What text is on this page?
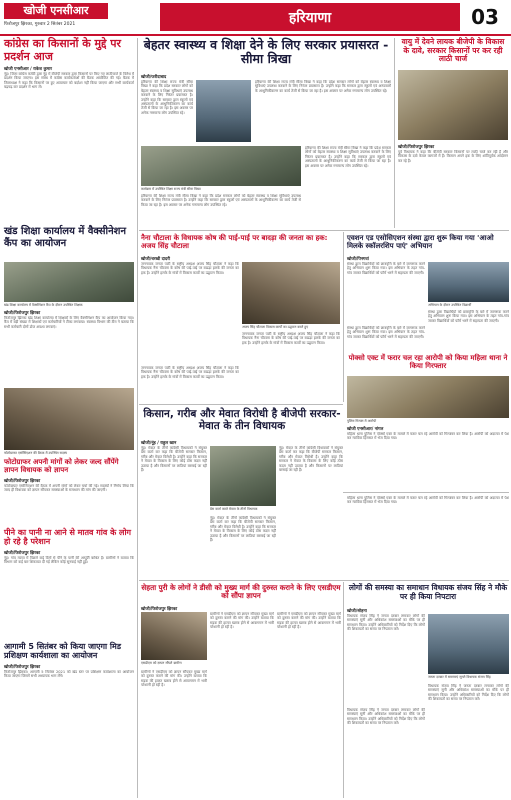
खोजी एनसीआर
फिरोजपुर झिरका, गुरुवार 2 सितंबर 2021	हरियाणा	03
कांग्रेस का किसानों के मुद्दे पर प्रदर्शन आज
खोजी एनसीआर / राकेश कुमार
नूंह। जिला कांग्रेस कमेटी द्वारा नूंह में बीजेपी सरकार द्वारा किसानों पर किए गए लाठीचार्ज के विरोध में प्रदर्शन किया जाएगा। इस संबंध में कांग्रेस कार्यकर्ताओं की बैठक आयोजित की गई। बैठक में जिलाध्यक्ष ने कहा कि किसानों पर हुए अत्याचार को बर्दाश्त नहीं किया जाएगा और सभी कार्यकर्ता बढ़चढ़ कर प्रदर्शन में भाग लें।
खंड शिक्षा कार्यालय में वैक्सीनेशन कैंप का आयोजन
खंड शिक्षा कार्यालय में वैक्सीनेशन कैंप के दौरान उपस्थित शिक्षक
खोजी/फिरोजपुर झिरका
फिरोजपुर झिरका खंड शिक्षा कार्यालय में शिक्षकों के लिए वैक्सीनेशन कैंप का आयोजन किया गया। कैंप में बड़ी संख्या में शिक्षकों एवं कर्मचारियों ने टीका लगवाया। स्वास्थ्य विभाग की टीम ने बताया कि सभी कर्मचारी दोनों डोज अवश्य लगवाएं।
फोटोग्राफर एसोसिएशन की बैठक में उपस्थित सदस्य
फोटोग्राफर अपनी मांगों को लेकर जल्द सौंपेंगे ज्ञापन विधायक को ज्ञापन
खोजी/फिरोजपुर झिरका
फोटोग्राफर एसोसिएशन की बैठक में अपनी मांगों को लेकर चर्चा की गई। सदस्यों ने निर्णय लिया कि जल्द ही विधायक को ज्ञापन सौंपकर समस्याओं के समाधान की मांग की जाएगी।
पीने का पानी ना आने से मातव गांव के लोग हो रहे है परेशान
खोजी/फिरोजपुर झिरका
नूंह। गांव मातव में पिछले कई दिनों से पीने के पानी की आपूर्ति बाधित है। ग्रामीणों ने बताया कि विभाग को कई बार शिकायत दी गई लेकिन कोई सुनवाई नहीं हुई।
आगामी 5 सितंबर को किया जाएगा मिड प्रशिक्षण कार्यशाला का आयोजन
खोजी/फिरोजपुर झिरका
फिरोजपुर झिरका। आगामी 5 सितंबर 2021 को खंड स्तर पर प्रशिक्षण कार्यशाला का आयोजन किया जाएगा जिसमें सभी अध्यापक भाग लेंगे।
बेहतर स्वास्थ्य व शिक्षा देने के लिए सरकार प्रयासरत - सीमा त्रिखा
खोजी/फरीदाबाद
हरियाणा की शिक्षा राज्य मंत्री सीमा त्रिखा ने कहा कि प्रदेश सरकार लोगों को बेहतर स्वास्थ्य व शिक्षा सुविधाएं उपलब्ध करवाने के लिए निरंतर प्रयासरत है। उन्होंने कहा कि सरकार द्वारा स्कूलों एवं अस्पतालों के आधुनिकीकरण का कार्य तेजी से किया जा रहा है। इस अवसर पर अनेक गणमान्य लोग उपस्थित रहे।
हरियाणा की शिक्षा राज्य मंत्री सीमा त्रिखा ने कहा कि प्रदेश सरकार लोगों को बेहतर स्वास्थ्य व शिक्षा सुविधाएं उपलब्ध करवाने के लिए निरंतर प्रयासरत है। उन्होंने कहा कि सरकार द्वारा स्कूलों एवं अस्पतालों के आधुनिकीकरण का कार्य तेजी से किया जा रहा है। इस अवसर पर अनेक गणमान्य लोग उपस्थित रहे।
कार्यक्रम में उपस्थित शिक्षा राज्य मंत्री सीमा त्रिखा
हरियाणा की शिक्षा राज्य मंत्री सीमा त्रिखा ने कहा कि प्रदेश सरकार लोगों को बेहतर स्वास्थ्य व शिक्षा सुविधाएं उपलब्ध करवाने के लिए निरंतर प्रयासरत है। उन्होंने कहा कि सरकार द्वारा स्कूलों एवं अस्पतालों के आधुनिकीकरण का कार्य तेजी से किया जा रहा है। इस अवसर पर अनेक गणमान्य लोग उपस्थित रहे।
हरियाणा की शिक्षा राज्य मंत्री सीमा त्रिखा ने कहा कि प्रदेश सरकार लोगों को बेहतर स्वास्थ्य व शिक्षा सुविधाएं उपलब्ध करवाने के लिए निरंतर प्रयासरत है। उन्होंने कहा कि सरकार द्वारा स्कूलों एवं अस्पतालों के आधुनिकीकरण का कार्य तेजी से किया जा रहा है। इस अवसर पर अनेक गणमान्य लोग उपस्थित रहे।
वायु में देवने लायक बीजेपी के विकास के दावे, सरकार किसानों पर कर रही लाठी चार्ज
खोजी/फिरोजपुर झिरका
पूर्व विधायक ने कहा कि बीजेपी सरकार किसानों पर लाठी चार्ज कर रही है और विकास के दावे केवल कागजों में हैं। किसान अपने हक के लिए शांतिपूर्वक आंदोलन कर रहे हैं।
नैना चौटाला के विधायक कोष की पाई-पाई पर बादड़ा की जनता का हक: अजय सिंह चौटाला
खोजी/चरखी दादरी
जननायक जनता पार्टी के राष्ट्रीय अध्यक्ष अजय सिंह चौटाला ने कहा कि विधायक नैना चौटाला के कोष की पाई-पाई पर बाढड़ा हलके की जनता का हक है। उन्होंने हलके के गांवों में विकास कार्यों का उद्घाटन किया।
अजय सिंह चौटाला विकास कार्यों का उद्घाटन करते हुए
जननायक जनता पार्टी के राष्ट्रीय अध्यक्ष अजय सिंह चौटाला ने कहा कि विधायक नैना चौटाला के कोष की पाई-पाई पर बाढड़ा हलके की जनता का हक है। उन्होंने हलके के गांवों में विकास कार्यों का उद्घाटन किया।
जननायक जनता पार्टी के राष्ट्रीय अध्यक्ष अजय सिंह चौटाला ने कहा कि विधायक नैना चौटाला के कोष की पाई-पाई पर बाढड़ा हलके की जनता का हक है। उन्होंने हलके के गांवों में विकास कार्यों का उद्घाटन किया।
एवशन एड एसोसिएशन संस्था द्वारा शुरू किया गया 'आओ मिलके स्कॉलरशिप पाएं' अभियान
खोजी/पिनगवां
संस्था द्वारा विद्यार्थियों को छात्रवृत्ति के बारे में जागरूक करने हेतु अभियान शुरू किया गया। इस अभियान के तहत गांव-गांव जाकर विद्यार्थियों को फॉर्म भरने में सहायता की जाएगी।
अभियान के दौरान उपस्थित विद्यार्थी
संस्था द्वारा विद्यार्थियों को छात्रवृत्ति के बारे में जागरूक करने हेतु अभियान शुरू किया गया। इस अभियान के तहत गांव-गांव जाकर विद्यार्थियों को फॉर्म भरने में सहायता की जाएगी।
संस्था द्वारा विद्यार्थियों को छात्रवृत्ति के बारे में जागरूक करने हेतु अभियान शुरू किया गया। इस अभियान के तहत गांव-गांव जाकर विद्यार्थियों को फॉर्म भरने में सहायता की जाएगी।
पोक्सो एक्ट में फरार चल रहा आरोपी को किया महिला थाना ने किया गिरफ्तार
पुलिस गिरफ्त में आरोपी
खोजी एनसीआर/ नांगल
महिला थाना पुलिस ने पोक्सो एक्ट के मामले में फरार चल रहे आरोपी को गिरफ्तार कर लिया है। आरोपी को अदालत में पेश कर न्यायिक हिरासत में भेज दिया गया।
किसान, गरीब और मेवात विरोधी है बीजेपी सरकार-मेवात के तीन विधायक
खोजी/नूंह / राहुल खान
नूंह। मेवात के तीनों कांग्रेसी विधायकों ने संयुक्त प्रेस वार्ता कर कहा कि बीजेपी सरकार किसान, गरीब और मेवात विरोधी है। उन्होंने कहा कि सरकार ने मेवात के विकास के लिए कोई ठोस कदम नहीं उठाया है और किसानों पर लाठियां बरसाई जा रही हैं।
प्रेस वार्ता करते मेवात के तीनों विधायक
नूंह। मेवात के तीनों कांग्रेसी विधायकों ने संयुक्त प्रेस वार्ता कर कहा कि बीजेपी सरकार किसान, गरीब और मेवात विरोधी है। उन्होंने कहा कि सरकार ने मेवात के विकास के लिए कोई ठोस कदम नहीं उठाया है और किसानों पर लाठियां बरसाई जा रही हैं।
नूंह। मेवात के तीनों कांग्रेसी विधायकों ने संयुक्त प्रेस वार्ता कर कहा कि बीजेपी सरकार किसान, गरीब और मेवात विरोधी है। उन्होंने कहा कि सरकार ने मेवात के विकास के लिए कोई ठोस कदम नहीं उठाया है और किसानों पर लाठियां बरसाई जा रही हैं।
सेहता पुरी के लोगों ने डीसी को मुख्य मार्ग की दुरुस्त कराने के लिए एसडीएम को सौंपा ज्ञापन
खोजी/फिरोजपुर झिरका
एसडीएम को ज्ञापन सौंपते ग्रामीण
ग्रामीणों ने एसडीएम को ज्ञापन सौंपकर मुख्य मार्ग को दुरुस्त कराने की मांग की। उन्होंने बताया कि सड़क की हालत खराब होने से आवागमन में भारी परेशानी हो रही है।
ग्रामीणों ने एसडीएम को ज्ञापन सौंपकर मुख्य मार्ग को दुरुस्त कराने की मांग की। उन्होंने बताया कि सड़क की हालत खराब होने से आवागमन में भारी परेशानी हो रही है।
ग्रामीणों ने एसडीएम को ज्ञापन सौंपकर मुख्य मार्ग को दुरुस्त कराने की मांग की। उन्होंने बताया कि सड़क की हालत खराब होने से आवागमन में भारी परेशानी हो रही है।
लोगों की समस्या का समाधान विधायक संजय सिंह ने मौके पर ही किया निपटारा
खोजी/सोहना
विधायक संजय सिंह ने जनता दरबार लगाकर लोगों की समस्याएं सुनी और अधिकांश समस्याओं का मौके पर ही समाधान किया। उन्होंने अधिकारियों को निर्देश दिए कि लोगों की शिकायतों का समय पर निपटारा करें।
जनता दरबार में समस्याएं सुनते विधायक संजय सिंह
विधायक संजय सिंह ने जनता दरबार लगाकर लोगों की समस्याएं सुनी और अधिकांश समस्याओं का मौके पर ही समाधान किया। उन्होंने अधिकारियों को निर्देश दिए कि लोगों की शिकायतों का समय पर निपटारा करें।
विधायक संजय सिंह ने जनता दरबार लगाकर लोगों की समस्याएं सुनी और अधिकांश समस्याओं का मौके पर ही समाधान किया। उन्होंने अधिकारियों को निर्देश दिए कि लोगों की शिकायतों का समय पर निपटारा करें।
महिला थाना पुलिस ने पोक्सो एक्ट के मामले में फरार चल रहे आरोपी को गिरफ्तार कर लिया है। आरोपी को अदालत में पेश कर न्यायिक हिरासत में भेज दिया गया।
